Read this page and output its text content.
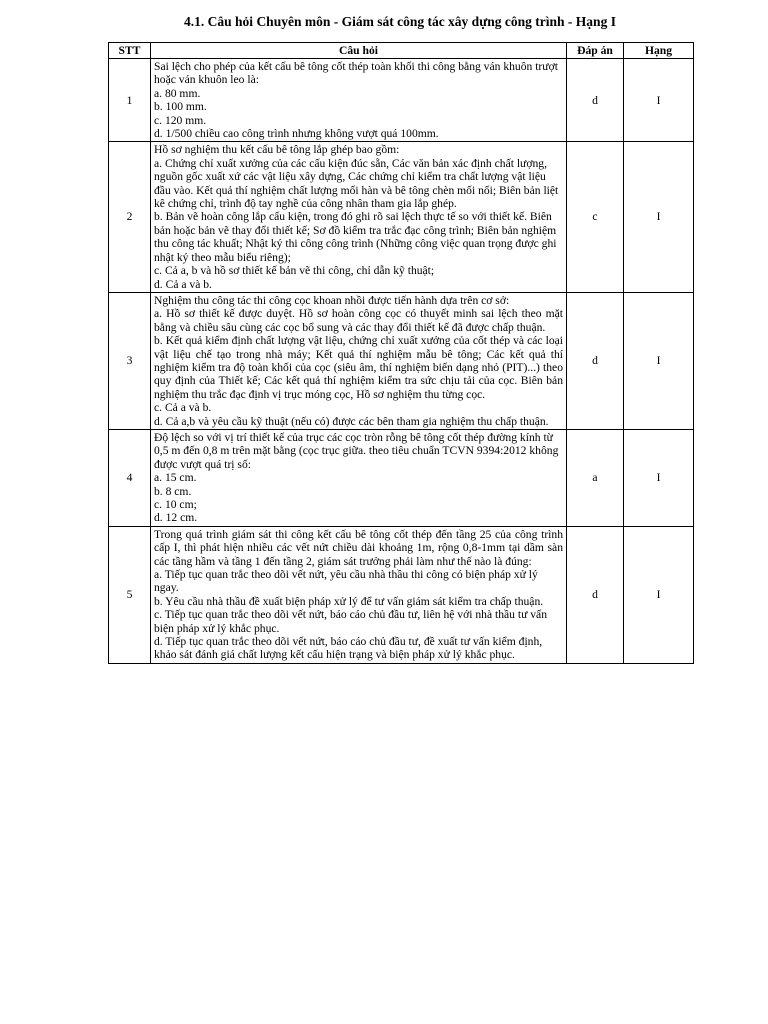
4.1. Câu hỏi Chuyên môn - Giám sát công tác xây dựng công trình - Hạng I
STT	Câu hỏi	Đáp án	Hạng
1	Sai lệch cho phép của kết cấu bê tông cốt thép toàn khối thi công bằng ván khuôn trượt hoặc ván khuôn leo là:
a. 80 mm.
b. 100 mm.
c. 120 mm.
d. 1/500 chiều cao công trình nhưng không vượt quá 100mm.	d	I
2	Hồ sơ nghiệm thu kết cấu bê tông lắp ghép bao gồm:
a. Chứng chỉ xuất xưởng của các cấu kiện đúc sẵn, Các văn bản xác định chất lượng, nguồn gốc xuất xứ các vật liệu xây dựng, Các chứng chỉ kiểm tra chất lượng vật liệu đầu vào. Kết quả thí nghiệm chất lượng mối hàn và bê tông chèn mối nối; Biên bản liệt kê chứng chỉ, trình độ tay nghề của công nhân tham gia lắp ghép.
b. Bản vẽ hoàn công lắp cấu kiện, trong đó ghi rõ sai lệch thực tế so với thiết kế. Biên bản hoặc bản vẽ thay đổi thiết kế; Sơ đồ kiểm tra trắc đạc công trình; Biên bản nghiệm thu công tác khuất; Nhật ký thi công công trình (Những công việc quan trọng được ghi nhật ký theo mẫu biểu riêng);
c. Cả a, b và hồ sơ thiết kế bản vẽ thi công, chỉ dẫn kỹ thuật;
d. Cả a và b.	c	I
3	Nghiệm thu công tác thi công cọc khoan nhồi được tiến hành dựa trên cơ sở:
a. Hồ sơ thiết kế được duyệt. Hồ sơ hoàn công cọc có thuyết minh sai lệch theo mặt bằng và chiều sâu cùng các cọc bổ sung và các thay đổi thiết kế đã được chấp thuận.
b. Kết quả kiểm định chất lượng vật liệu, chứng chỉ xuất xưởng của cốt thép và các loại vật liệu chế tạo trong nhà máy; Kết quả thí nghiệm mẫu bê tông; Các kết quả thí nghiệm kiểm tra độ toàn khối của cọc (siêu âm, thí nghiệm biến dạng nhỏ (PIT)...) theo quy định của Thiết kế; Các kết quả thí nghiệm kiểm tra sức chịu tải của cọc. Biên bản nghiệm thu trắc đạc định vị trục móng cọc, Hồ sơ nghiệm thu từng cọc.
c. Cả a và b.
d. Cả a,b và yêu cầu kỹ thuật (nếu có) được các bên tham gia nghiệm thu chấp thuận.	d	I
4	Độ lệch so với vị trí thiết kế của trục các cọc tròn rỗng bê tông cốt thép đường kính từ 0,5 m đến 0,8 m trên mặt bằng (cọc trục giữa. theo tiêu chuẩn TCVN 9394:2012 không được vượt quá trị số:
a. 15 cm.
b. 8 cm.
c. 10 cm;
d. 12 cm.	a	I
5	Trong quá trình giám sát thi công kết cấu bê tông cốt thép đến tầng 25 của công trình cấp I, thì phát hiện nhiều các vết nứt chiều dài khoảng 1m, rộng 0,8-1mm tại dầm sàn các tầng hầm và tầng 1 đến tầng 2, giám sát trưởng phải làm như thế nào là đúng:
a. Tiếp tục quan trắc theo dõi vết nứt, yêu cầu nhà thầu thi công có biện pháp xử lý ngay.
b. Yêu cầu nhà thầu đề xuất biện pháp xử lý để tư vấn giám sát kiểm tra chấp thuận.
c. Tiếp tục quan trắc theo dõi vết nứt, báo cáo chủ đầu tư, liên hệ với nhà thầu tư vấn biện pháp xử lý khắc phục.
d. Tiếp tục quan trắc theo dõi vết nứt, báo cáo chủ đầu tư, đề xuất tư vấn kiểm định, khảo sát đánh giá chất lượng kết cấu hiện trạng và biện pháp xử lý khắc phục.	d	I
